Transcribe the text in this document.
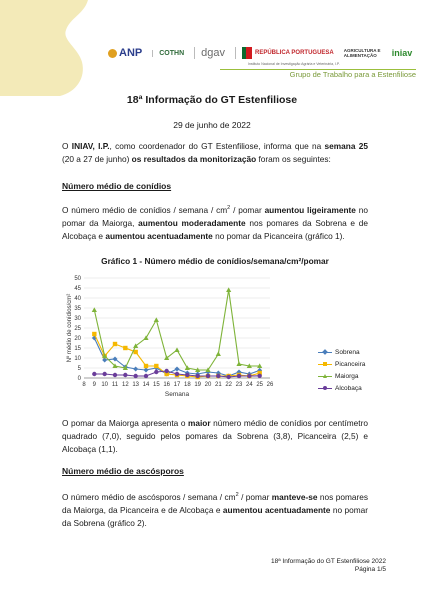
ANP COTHN dgav	REPÚBLICA PORTUGUESA AGRICULTURA E ALIMENTAÇÃO	iniav
Instituto Nacional de Investigação Agrária e Veterinária, I.P.
Grupo de Trabalho para a Estenfiliose
18ª Informação do GT Estenfiliose
29 de junho de 2022
O INIAV, I.P., como coordenador do GT Estenfiliose, informa que na semana 25 (20 a 27 de junho) os resultados da monitorização foram os seguintes:
Número médio de conídios
O número médio de conídios / semana / $cm^2$ / pomar aumentou ligeiramente no pomar da Maiorga, aumentou moderadamente nos pomares da Sobrena e de Alcobaça e aumentou acentuadamente no pomar da Picanceira (gráfico 1).
Gráfico 1 - Número médio de conídios/semana/cm²/pomar
0
5
10
15
20
25
30
35
40
45
50
8 9 10 11 12 13 14 15 16 17 18 19 20 21 22 23 24 25 26
Semana
Nº médio de conídios/cm²	Sobrena
Picanceira
Maiorga
Alcobaça
O pomar da Maiorga apresenta o maior número médio de conídios por centímetro quadrado (7,0), seguido pelos pomares da Sobrena (3,8), Picanceira (2,5) e Alcobaça (1,1).
Número médio de ascósporos
O número médio de ascósporos / semana / $cm^2$ / pomar manteve-se nos pomares da Maiorga, da Picanceira e de Alcobaça e aumentou acentuadamente no pomar da Sobrena (gráfico 2).
18ª Informação do GT Estenfiliose 2022
Página 1/5
